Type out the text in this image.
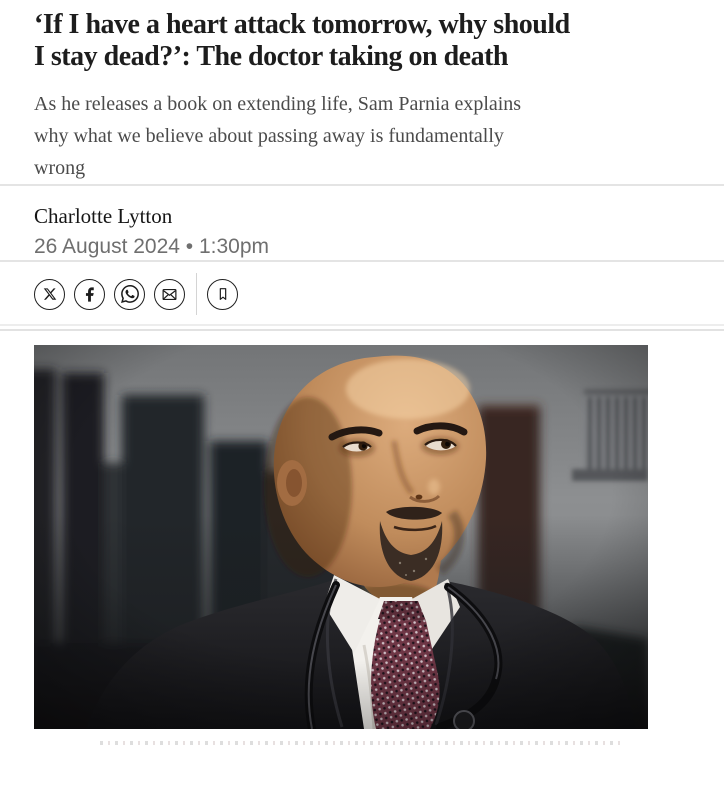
‘If I have a heart attack tomorrow, why should
I stay dead?’: The doctor taking on death

As he releases a book on extending life, Sam Parnia explains
why what we believe about passing away is fundamentally
wrong

Charlotte Lytton
26 August 2024 • 1:30pm
